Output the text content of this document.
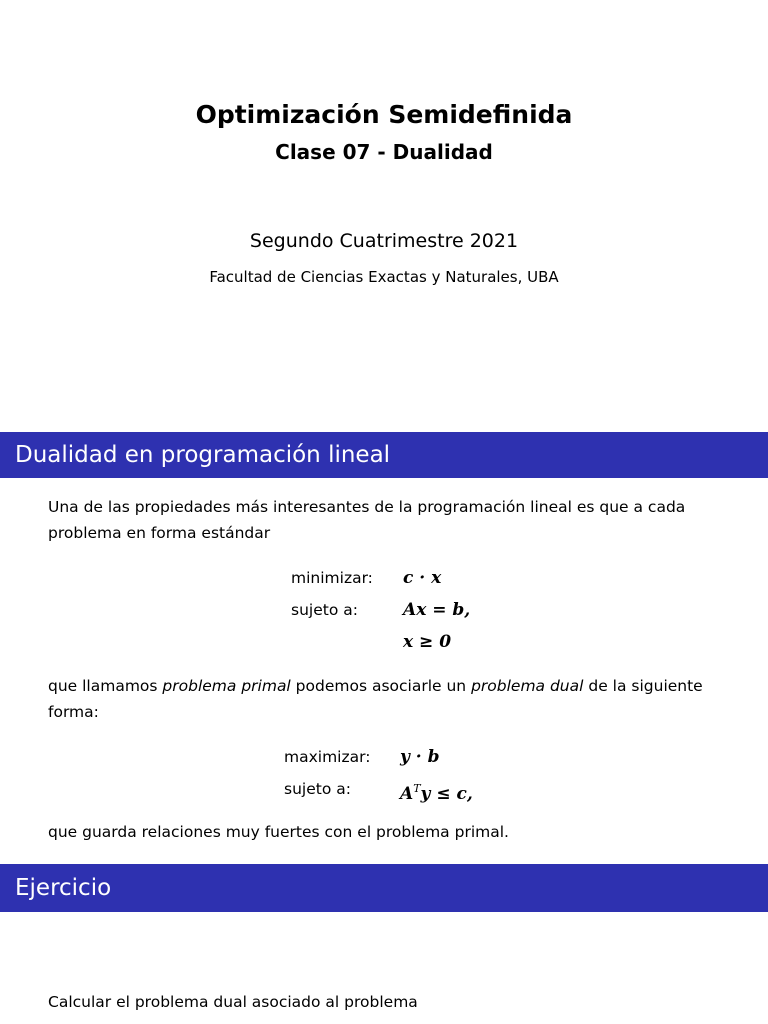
Optimización Semidefinida
Clase 07 - Dualidad
Segundo Cuatrimestre 2021
Facultad de Ciencias Exactas y Naturales, UBA
Dualidad en programación lineal
Una de las propiedades más interesantes de la programación lineal es que a cada problema en forma estándar
minimizar: c · x
sujeto a:	Ax = b,
x ≥ 0
que llamamos problema primal podemos asociarle un problema dual de la siguiente forma:
maximizar: y · b
sujeto a:	$A^Ty \le c$,
que guarda relaciones muy fuertes con el problema primal.
Ejercicio
Calcular el problema dual asociado al problema
